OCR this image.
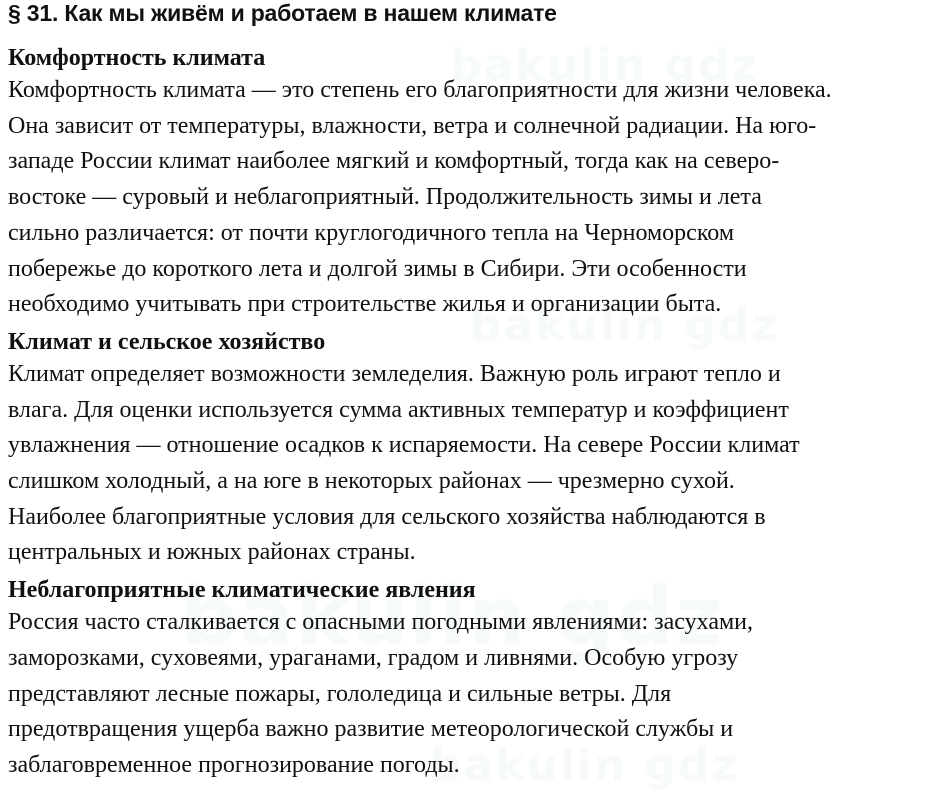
§ 31. Как мы живём и работаем в нашем климате
Комфортность климата

Комфортность климата — это степень его благоприятности для жизни человека.
Она зависит от температуры, влажности, ветра и солнечной радиации. На юго-
западе России климат наиболее мягкий и комфортный, тогда как на северо-
востоке — суровый и неблагоприятный. Продолжительность зимы и лета
сильно различается: от почти круглогодичного тепла на Черноморском
побережье до короткого лета и долгой зимы в Сибири. Эти особенности
необходимо учитывать при строительстве жилья и организации быта.

Климат и сельское хозяйство

Климат определяет возможности земледелия. Важную роль играют тепло и
влага. Для оценки используется сумма активных температур и коэффициент
увлажнения — отношение осадков к испаряемости. На севере России климат
слишком холодный, а на юге в некоторых районах — чрезмерно сухой.
Наиболее благоприятные условия для сельского хозяйства наблюдаются в
центральных и южных районах страны.

Неблагоприятные климатические явления

Россия часто сталкивается с опасными погодными явлениями: засухами,
заморозками, суховеями, ураганами, градом и ливнями. Особую угрозу
представляют лесные пожары, гололедица и сильные ветры. Для
предотвращения ущерба важно развитие метеорологической службы и
заблаговременное прогнозирование погоды.
